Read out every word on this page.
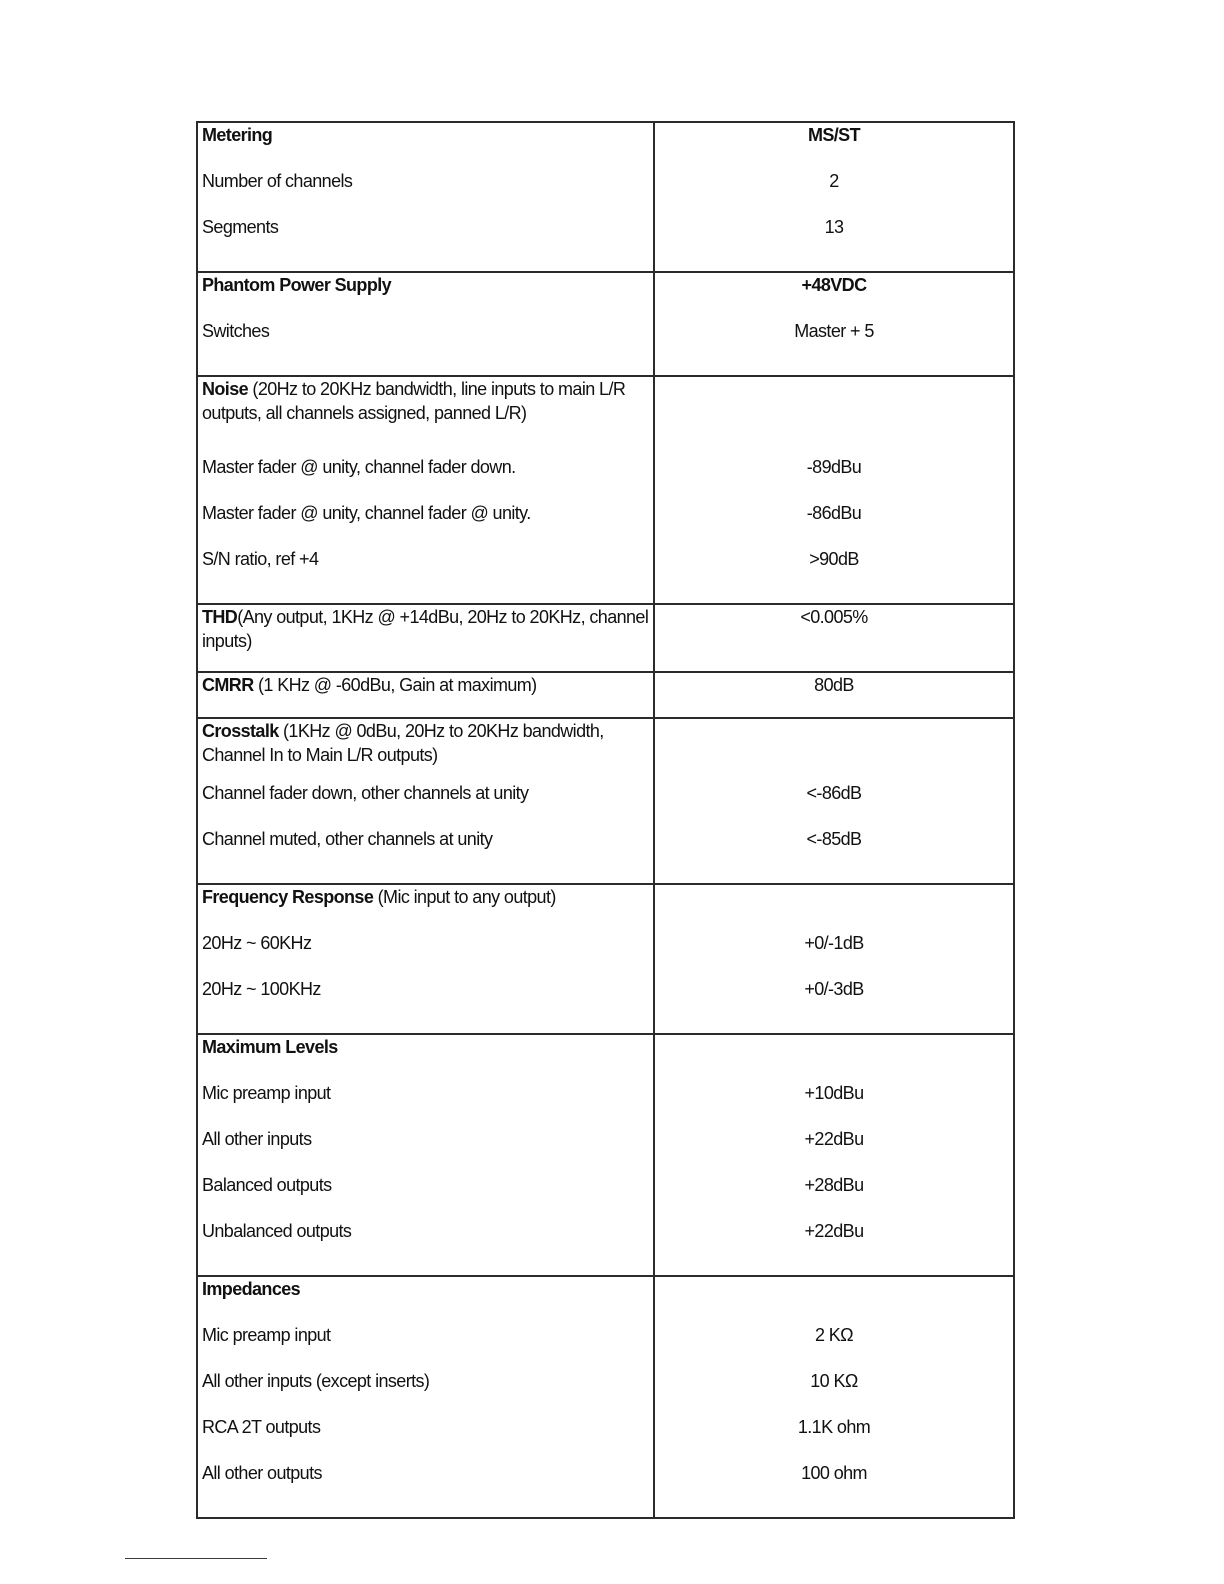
Metering
Number of channels
Segments
MS/ST
2
13
Phantom Power Supply
Switches
+48VDC
Master + 5
Noise (20Hz to 20KHz bandwidth, line inputs to main L/R outputs, all channels assigned, panned L/R)
Master fader @ unity, channel fader down.
Master fader @ unity, channel fader @ unity.
S/N ratio, ref +4
-89dBu
-86dBu
>90dB
THD(Any output, 1KHz @ +14dBu, 20Hz to 20KHz, channel inputs)
<0.005%
CMRR (1 KHz @ -60dBu, Gain at maximum)	80dB
Crosstalk (1KHz @ 0dBu, 20Hz to 20KHz bandwidth, Channel In to Main L/R outputs)
Channel fader down, other channels at unity
Channel muted, other channels at unity
<-86dB
<-85dB
Frequency Response (Mic input to any output)
20Hz ~ 60KHz
20Hz ~ 100KHz
+0/-1dB
+0/-3dB
Maximum Levels
Mic preamp input
All other inputs
Balanced outputs
Unbalanced outputs
+10dBu
+22dBu
+28dBu
+22dBu
Impedances
Mic preamp input
All other inputs (except inserts)
RCA 2T outputs
All other outputs
2 KΩ
10 KΩ
1.1K ohm
100 ohm
